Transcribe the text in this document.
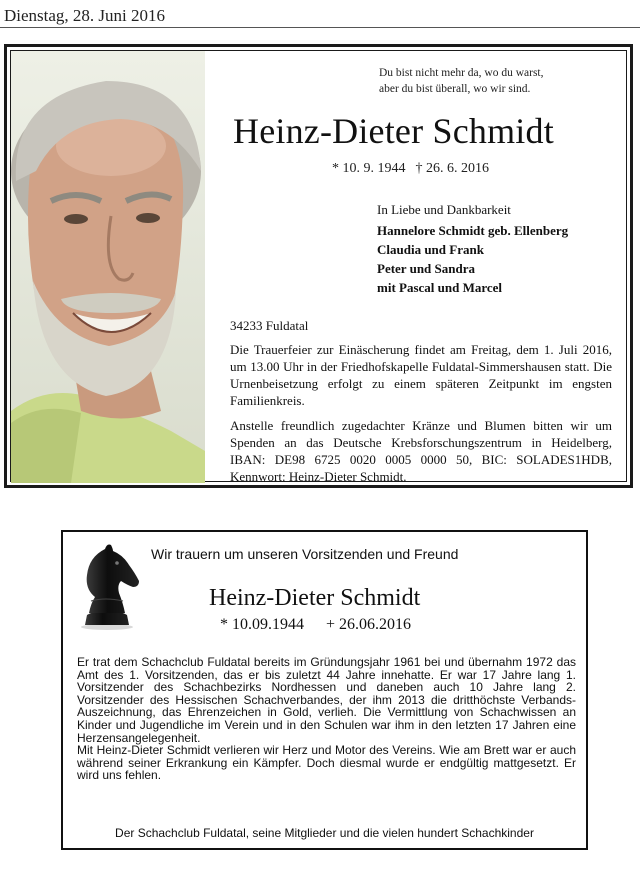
Dienstag, 28. Juni 2016
Du bist nicht mehr da, wo du warst,
aber du bist überall, wo wir sind.
Heinz-Dieter Schmidt
* 10. 9. 1944 † 26. 6. 2016
In Liebe und Dankbarkeit
Hannelore Schmidt geb. Ellenberg
Claudia und Frank
Peter und Sandra
mit Pascal und Marcel
34233 Fuldatal
Die Trauerfeier zur Einäscherung findet am Freitag, dem 1. Juli 2016, um 13.00 Uhr in der Friedhofskapelle Fuldatal-Simmershausen statt. Die Urnenbeisetzung erfolgt zu einem späteren Zeitpunkt im engsten Familienkreis.
Anstelle freundlich zugedachter Kränze und Blumen bitten wir um Spenden an das Deutsche Krebsforschungszentrum in Heidelberg, IBAN: DE98 6725 0020 0005 0000 50, BIC: SOLADES1HDB, Kennwort: Heinz-Dieter Schmidt.
Wir trauern um unseren Vorsitzenden und Freund
Heinz-Dieter Schmidt
* 10.09.1944 + 26.06.2016
Er trat dem Schachclub Fuldatal bereits im Gründungsjahr 1961 bei und übernahm 1972 das Amt des 1. Vorsitzenden, das er bis zuletzt 44 Jahre innehatte. Er war 17 Jahre lang 1. Vorsitzender des Schachbezirks Nordhessen und daneben auch 10 Jahre lang 2. Vorsitzender des Hessischen Schachverbandes, der ihm 2013 die dritthöchste Verbands-Auszeichnung, das Ehrenzeichen in Gold, verlieh. Die Vermittlung von Schachwissen an Kinder und Jugendliche im Verein und in den Schulen war ihm in den letzten 17 Jahren eine Herzensangelegenheit.
Mit Heinz-Dieter Schmidt verlieren wir Herz und Motor des Vereins. Wie am Brett war er auch während seiner Erkrankung ein Kämpfer. Doch diesmal wurde er endgültig mattgesetzt. Er wird uns fehlen.
Der Schachclub Fuldatal, seine Mitglieder und die vielen hundert Schachkinder
